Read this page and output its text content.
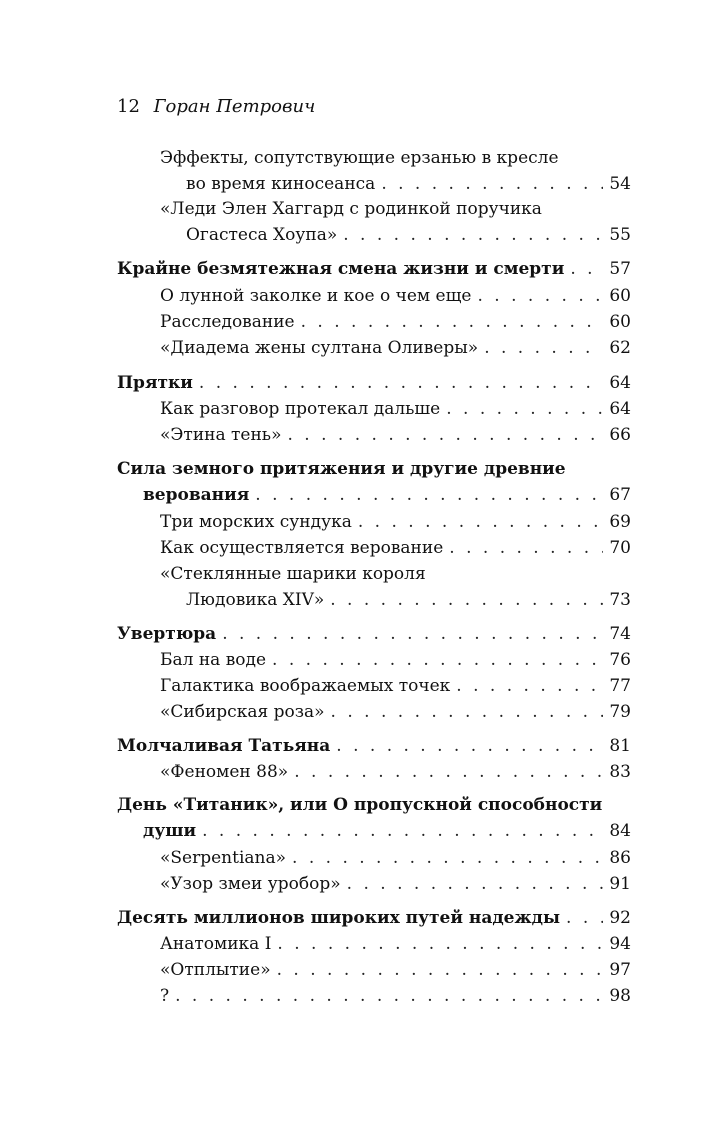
12 Горан Петрович
Эффекты, сопутствующие ерзанью в кресле
во время киносеанса . . .	54
«Леди Элен Хаггард с родинкой поручика
Огастеса Хоупа» . . .	55
Крайне безмятежная смена жизни и смерти . . .	57
О лунной заколке и кое о чем еще . . .	60
Расследование . . .	60
«Диадема жены султана Оливеры» . . .	62
Прятки . . .	64
Как разговор протекал дальше . . .	64
«Этина тень» . . .	66
Сила земного притяжения и другие древние
верования . . .	67
Три морских сундука . . .	69
Как осуществляется верование . . .	70
«Стеклянные шарики короля
Людовика XIV» . . .	73
Увертюра . . .	74
Бал на воде . . .	76
Галактика воображаемых точек . . .	77
«Сибирская роза» . . .	79
Молчаливая Татьяна . . .	81
«Феномен 88» . . .	83
День «Титаник», или О пропускной способности
души . . .	84
«Serpentiana» . . .	86
«Узор змеи уробор» . . .	91
Десять миллионов широких путей надежды . . .	92
Анатомика I . . .	94
«Отплытие» . . .	97
? . . .	98
